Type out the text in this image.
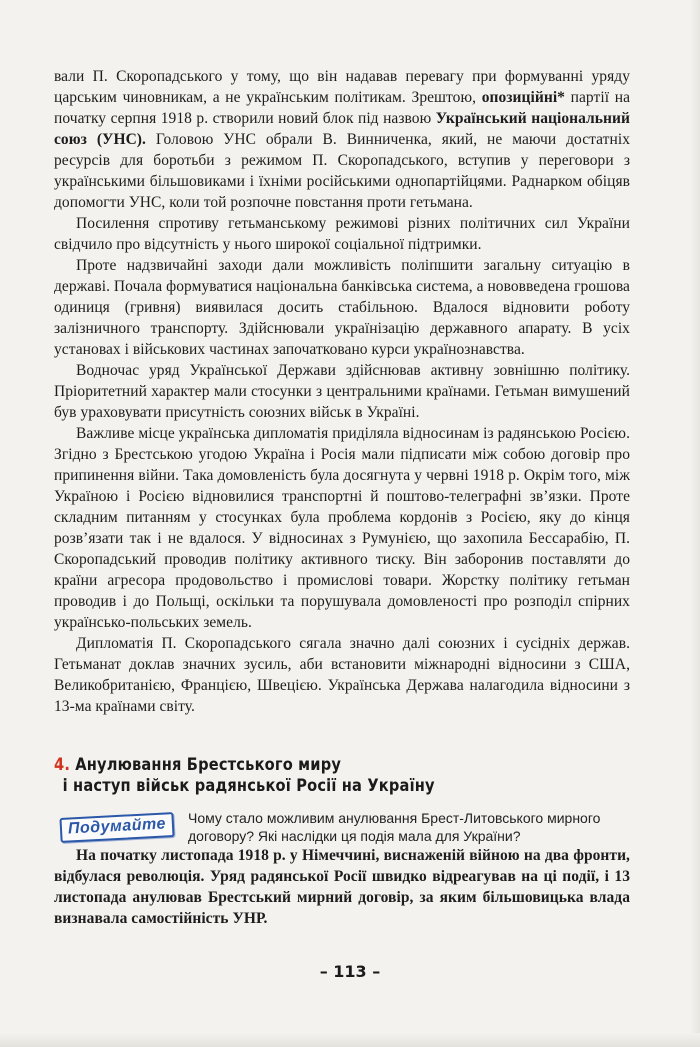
вали П. Скоропадського у тому, що він надавав перевагу при формуванні уряду царським чиновникам, а не українським політикам. Зрештою, опозиційні* партії на початку серпня 1918 р. створили новий блок під назвою Український національний союз (УНС). Головою УНС обрали В. Винниченка, який, не маючи достатніх ресурсів для боротьби з режимом П. Скоропадського, вступив у переговори з українськими більшовиками і їхніми російськими однопартійцями. Раднарком обіцяв допомогти УНС, коли той розпочне повстання проти гетьмана.

Посилення спротиву гетьманському режимові різних політичних сил України свідчило про відсутність у нього широкої соціальної підтримки.

Проте надзвичайні заходи дали можливість поліпшити загальну ситуацію в державі. Почала формуватися національна банківська система, а нововведена грошова одиниця (гривня) виявилася досить стабільною. Вдалося відновити роботу залізничного транспорту. Здійснювали українізацію державного апарату. В усіх установах і військових частинах започатковано курси українознавства.

Водночас уряд Української Держави здійснював активну зовнішню політику. Пріоритетний характер мали стосунки з центральними країнами. Гетьман вимушений був ураховувати присутність союзних військ в Україні.

Важливе місце українська дипломатія приділяла відносинам із радянською Росією. Згідно з Брестською угодою Україна і Росія мали підписати між собою договір про припинення війни. Така домовленість була досягнута у червні 1918 р. Окрім того, між Україною і Росією відновилися транспортні й поштово-телеграфні зв’язки. Проте складним питанням у стосунках була проблема кордонів з Росією, яку до кінця розв’язати так і не вдалося. У відносинах з Румунією, що захопила Бессарабію, П. Скоропадський проводив політику активного тиску. Він заборонив поставляти до країни агресора продовольство і промислові товари. Жорстку політику гетьман проводив і до Польщі, оскільки та порушувала домовленості про розподіл спірних українсько-польських земель.

Дипломатія П. Скоропадського сягала значно далі союзних і сусідніх держав. Гетьманат доклав значних зусиль, аби встановити міжнародні відносини з США, Великобританією, Францією, Швецією. Українська Держава налагодила відносини з 13-ма країнами світу.

4. Анулювання Брестського миру
і наступ військ радянської Росії на Україну
Подумайте	Чому стало можливим анулювання Брест-Литовського мирного договору? Які наслідки ця подія мала для України?

На початку листопада 1918 р. у Німеччині, виснаженій війною на два фронти, відбулася революція. Уряд радянської Росії швидко відреагував на ці події, і 13 листопада анулював Брестський мирний договір, за яким більшовицька влада визнавала самостійність УНР.

– 113 –
